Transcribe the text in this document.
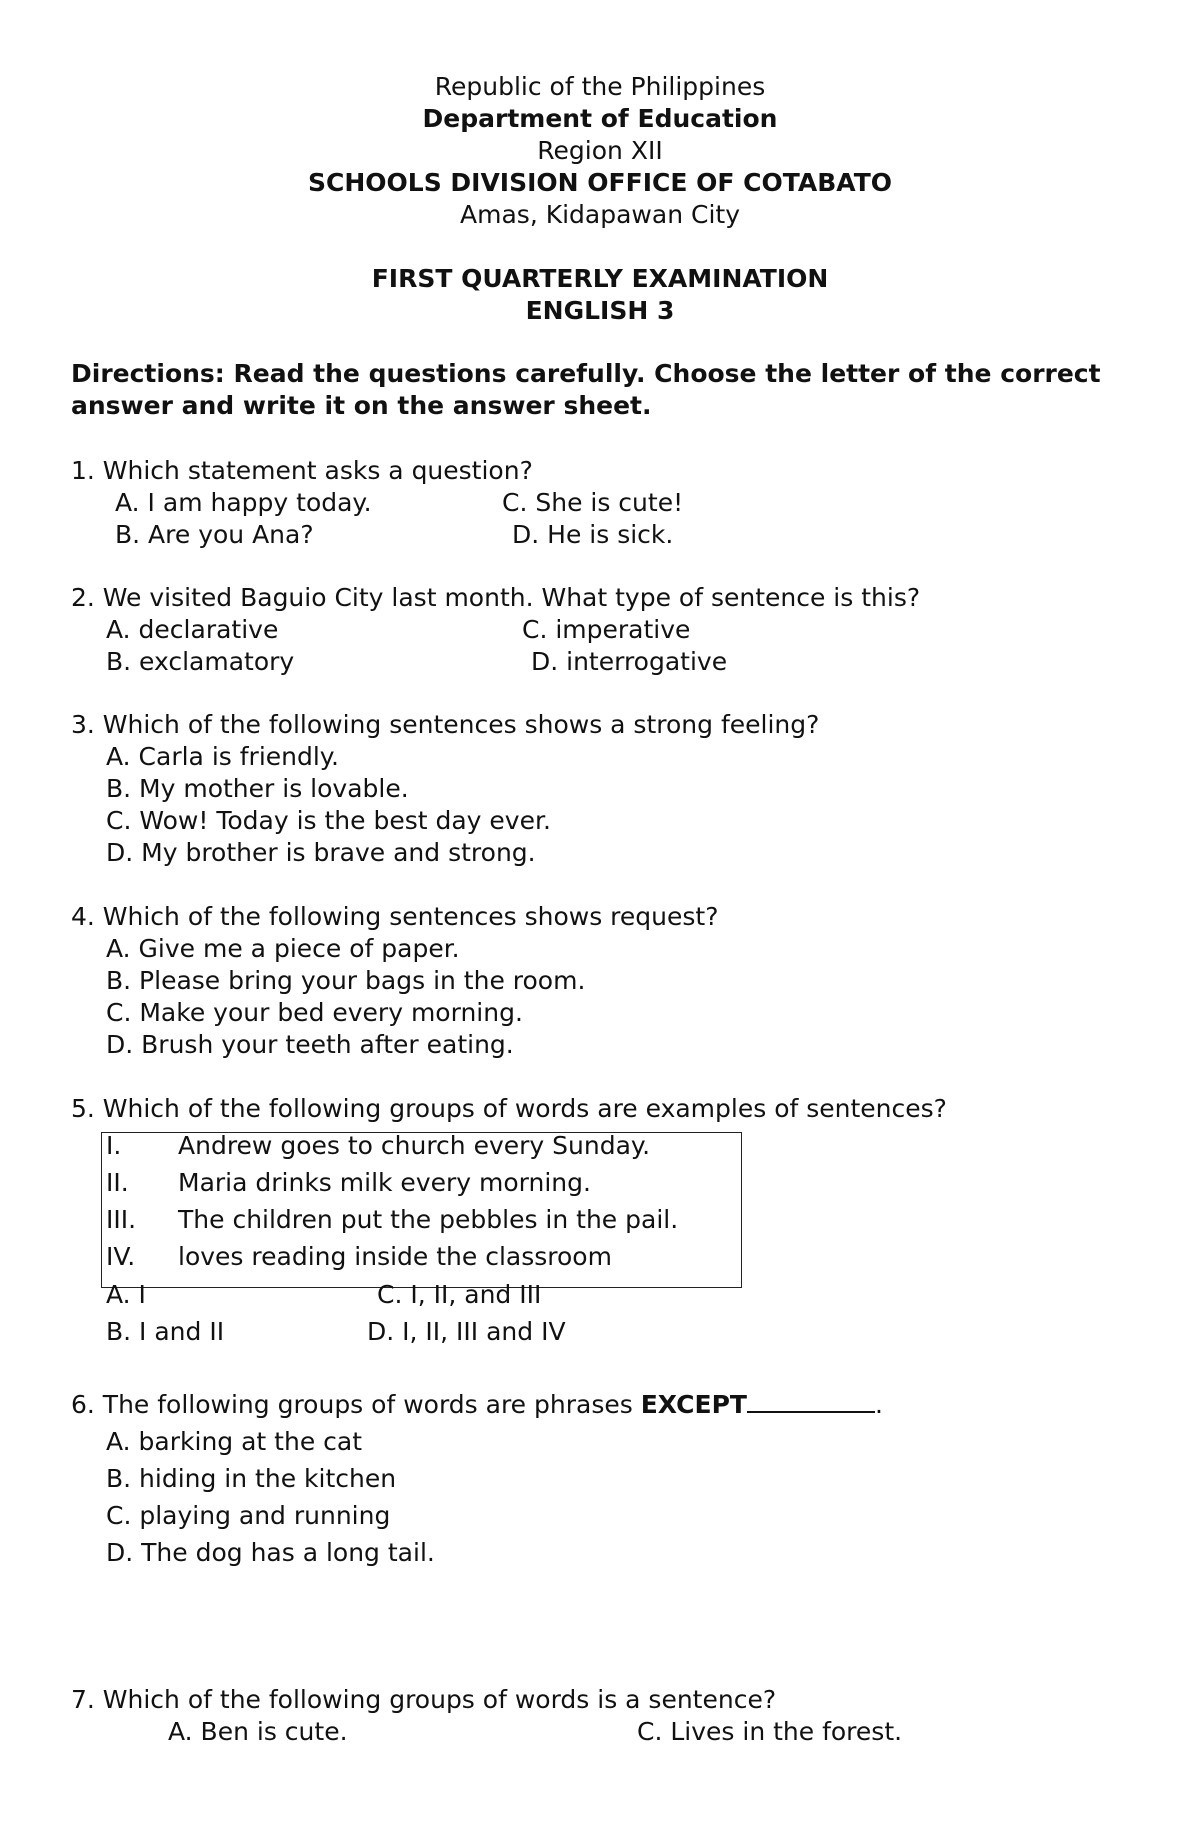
Republic of the Philippines

Department of Education

Region XII

SCHOOLS DIVISION OFFICE OF COTABATO

Amas, Kidapawan City

FIRST QUARTERLY EXAMINATION

ENGLISH 3

Directions: Read the questions carefully. Choose the letter of the correct answer and write it on the answer sheet.

1. Which statement asks a question?

A. I am happy today.	C. She is cute!
B. Are you Ana?	D. He is sick.

2. We visited Baguio City last month. What type of sentence is this?

A. declarative	C. imperative
B. exclamatory	D. interrogative

3. Which of the following sentences shows a strong feeling?

A. Carla is friendly.
B. My mother is lovable.
C. Wow! Today is the best day ever.
D. My brother is brave and strong.

4. Which of the following sentences shows request?

A. Give me a piece of paper.
B. Please bring your bags in the room.
C. Make your bed every morning.
D. Brush your teeth after eating.

5. Which of the following groups of words are examples of sentences?

I. Andrew goes to church every Sunday.
II. Maria drinks milk every morning.
III. The children put the pebbles in the pail.
IV. loves reading inside the classroom
A. I	C. I, II, and III
B. I and II	D. I, II, III and IV

6. The following groups of words are phrases EXCEPT	.

A. barking at the cat
B. hiding in the kitchen
C. playing and running
D. The dog has a long tail.

7. Which of the following groups of words is a sentence?

A. Ben is cute.	C. Lives in the forest.
